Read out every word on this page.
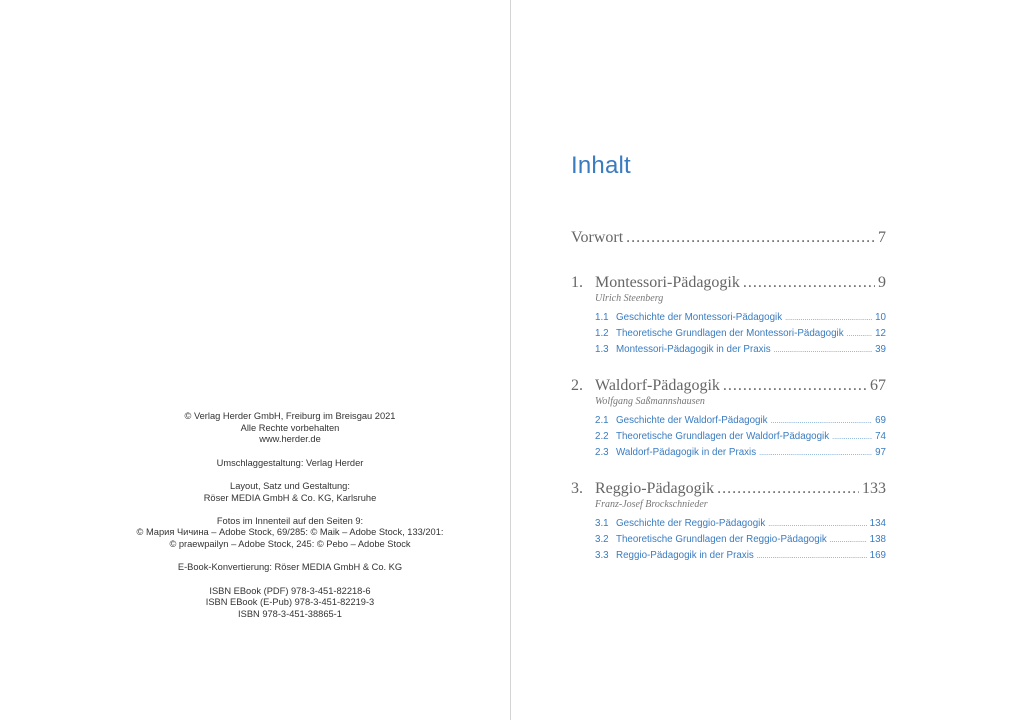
© Verlag Herder GmbH, Freiburg im Breisgau 2021
Alle Rechte vorbehalten
www.herder.de
Umschlaggestaltung: Verlag Herder
Layout, Satz und Gestaltung:
Röser MEDIA GmbH & Co. KG, Karlsruhe
Fotos im Innenteil auf den Seiten 9:
© Мария Чичина – Adobe Stock, 69/285: © Maik – Adobe Stock, 133/201:
© praewpailyn – Adobe Stock, 245: © Pebo – Adobe Stock
E-Book-Konvertierung: Röser MEDIA GmbH & Co. KG
ISBN EBook (PDF) 978-3-451-82218-6
ISBN EBook (E-Pub) 978-3-451-82219-3
ISBN 978-3-451-38865-1
Inhalt
Vorwort .....	7
1. Montessori-Pädagogik .....	9
Ulrich Steenberg
1.1 Geschichte der Montessori-Pädagogik .....	10
1.2 Theoretische Grundlagen der Montessori-Pädagogik .....	12
1.3 Montessori-Pädagogik in der Praxis .....	39
2. Waldorf-Pädagogik .....	67
Wolfgang Saßmannshausen
2.1 Geschichte der Waldorf-Pädagogik .....	69
2.2 Theoretische Grundlagen der Waldorf-Pädagogik .....	74
2.3 Waldorf-Pädagogik in der Praxis .....	97
3. Reggio-Pädagogik .....	133
Franz-Josef Brockschnieder
3.1 Geschichte der Reggio-Pädagogik .....	134
3.2 Theoretische Grundlagen der Reggio-Pädagogik .....	138
3.3 Reggio-Pädagogik in der Praxis .....	169
